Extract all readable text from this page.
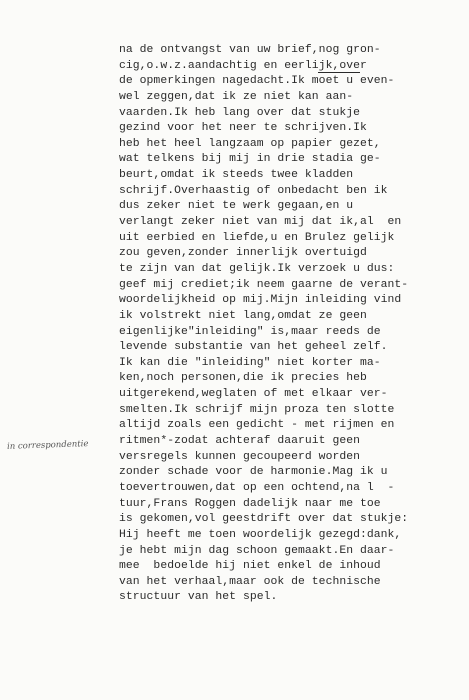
in correspondentie
na de ontvangst van uw brief,nog gron-
cig,o.w.z.aandachtig en eerlijk,over
de opmerkingen nagedacht.Ik moet u even-
wel zeggen,dat ik ze niet kan aan-
vaarden.Ik heb lang over dat stukje
gezind voor het neer te schrijven.Ik
heb het heel langzaam op papier gezet,
wat telkens bij mij in drie stadia ge-
beurt,omdat ik steeds twee kladden
schrijf.Overhaastig of onbedacht ben ik
dus zeker niet te werk gegaan,en u
verlangt zeker niet van mij dat ik,al  en
uit eerbied en liefde,u en Brulez gelijk
zou geven,zonder innerlijk overtuigd
te zijn van dat gelijk.Ik verzoek u dus:
geef mij crediet;ik neem gaarne de verant-
woordelijkheid op mij.Mijn inleiding vind
ik volstrekt niet lang,omdat ze geen
eigenlijke"inleiding" is,maar reeds de
levende substantie van het geheel zelf.
Ik kan die "inleiding" niet korter ma-
ken,noch personen,die ik precies heb
uitgerekend,weglaten of met elkaar ver-
smelten.Ik schrijf mijn proza ten slotte
altijd zoals een gedicht - met rijmen en
ritmen*-zodat achteraf daaruit geen
versregels kunnen gecoupeerd worden
zonder schade voor de harmonie.Mag ik u
toevertrouwen,dat op een ochtend,na l  -
tuur,Frans Roggen dadelijk naar me toe
is gekomen,vol geestdrift over dat stukje:
Hij heeft me toen woordelijk gezegd:dank,
je hebt mijn dag schoon gemaakt.En daar-
mee  bedoelde hij niet enkel de inhoud
van het verhaal,maar ook de technische
structuur van het spel.
